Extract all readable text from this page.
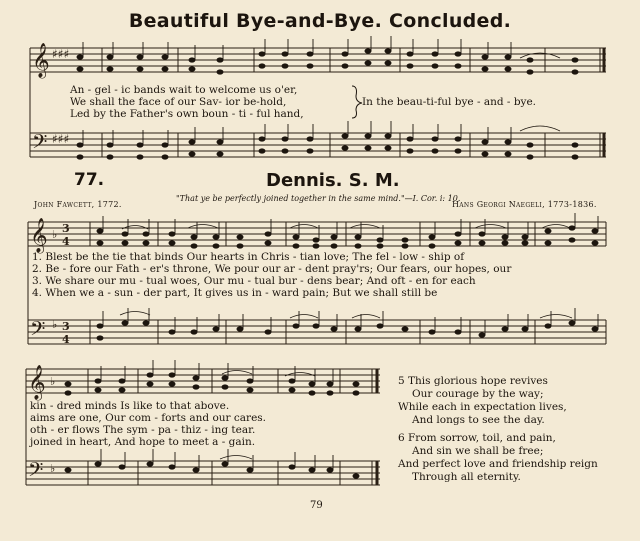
𝄞
𝄢
♯♯♯
♯♯♯
𝄞
𝄢
♭
♭
3
4
3
4
𝄞
𝄢
♭
♭
Beautiful Bye-and-Bye. Concluded.
An - gel - ic bands wait to welcome us o'er,
We shall the face of our Sav- ior be-hold,
Led by the Father's own boun - ti - ful hand,
In the beau-ti-ful bye - and - bye.
77.	Dennis. S. M.
John Fawcett, 1772.
"That ye be perfectly joined together in the same mind."—I. Cor. i: 10.
Hans Georgi Naegeli, 1773-1836.
1. Blest be the tie that binds Our hearts in Chris - tian love; The fel - low - ship of
2. Be - fore our Fath - er's throne, We pour our ar - dent pray'rs; Our fears, our hopes, our
3. We share our mu - tual woes, Our mu - tual bur - dens bear; And oft - en for each
4. When we a - sun - der part, It gives us in - ward pain; But we shall still be
kin - dred minds Is like to that above.
aims are one, Our com - forts and our cares.
oth - er flows The sym - pa - thiz - ing tear.
joined in heart, And hope to meet a - gain.
5 This glorious hope revives
Our courage by the way;
While each in expectation lives,
And longs to see the day.
6 From sorrow, toil, and pain,
And sin we shall be free;
And perfect love and friendship reign
Through all eternity.
79
